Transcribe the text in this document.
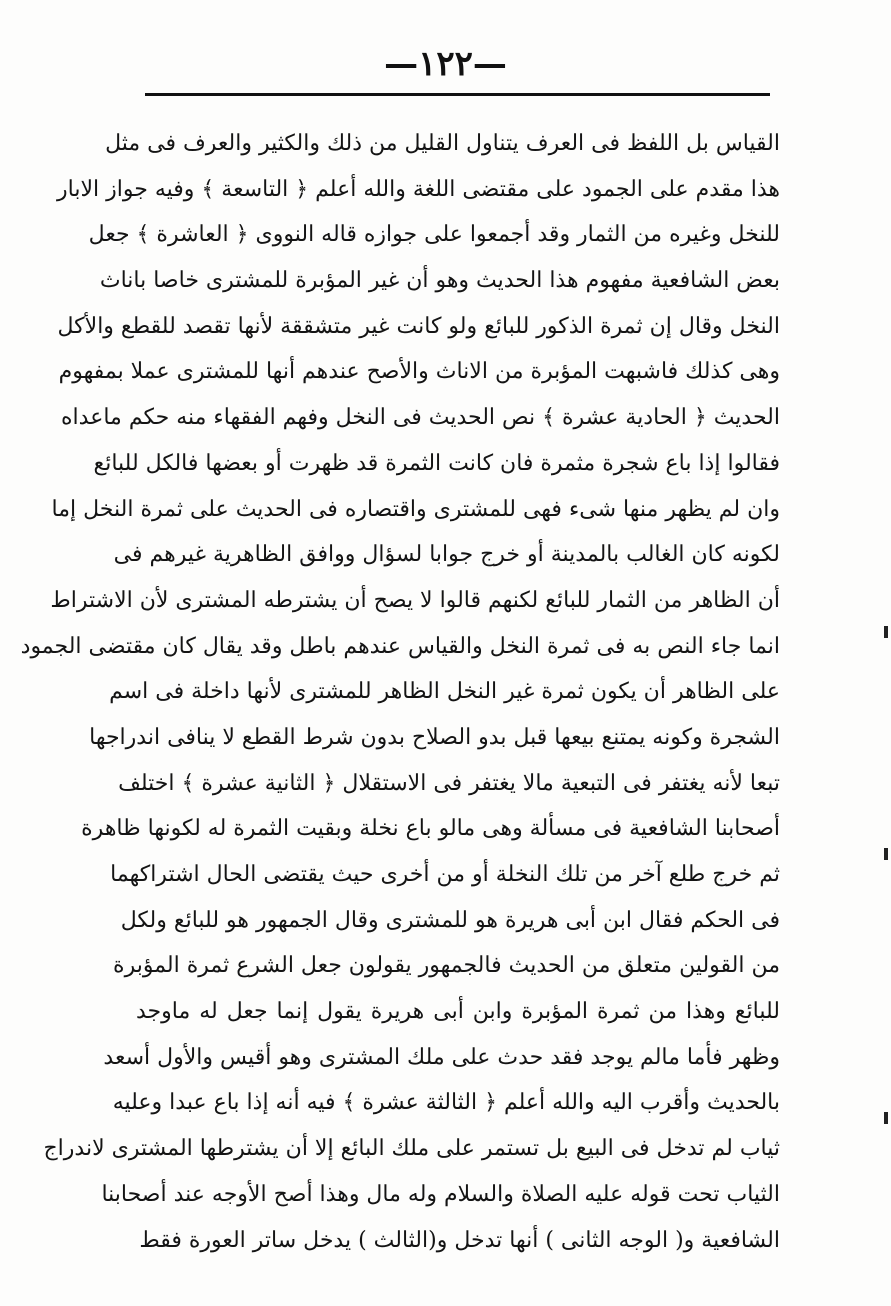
—١٢٢—
القياس بل اللفظ فى العرف يتناول القليل من ذلك والكثير والعرف فى مثل
هذا مقدم على الجمود على مقتضى اللغة والله أعلم ﴿ التاسعة ﴾ وفيه جواز الابار
للنخل وغيره من الثمار وقد أجمعوا على جوازه قاله النووى ﴿ العاشرة ﴾ جعل
بعض الشافعية مفهوم هذا الحديث وهو أن غير المؤبرة للمشترى خاصا باناث
النخل وقال إن ثمرة الذكور للبائع ولو كانت غير متشققة لأنها تقصد للقطع والأكل
وهى كذلك فاشبهت المؤبرة من الاناث والأصح عندهم أنها للمشترى عملا بمفهوم
الحديث ﴿ الحادية عشرة ﴾ نص الحديث فى النخل وفهم الفقهاء منه حكم ماعداه
فقالوا إذا باع شجرة مثمرة فان كانت الثمرة قد ظهرت أو بعضها فالكل للبائع
وان لم يظهر منها شىء فهى للمشترى واقتصاره فى الحديث على ثمرة النخل إما
لكونه كان الغالب بالمدينة أو خرج جوابا لسؤال ووافق الظاهرية غيرهم فى
أن الظاهر من الثمار للبائع لكنهم قالوا لا يصح أن يشترطه المشترى لأن الاشتراط
انما جاء النص به فى ثمرة النخل والقياس عندهم باطل وقد يقال كان مقتضى الجمود
على الظاهر أن يكون ثمرة غير النخل الظاهر للمشترى لأنها داخلة فى اسم
الشجرة وكونه يمتنع بيعها قبل بدو الصلاح بدون شرط القطع لا ينافى اندراجها
تبعا لأنه يغتفر فى التبعية مالا يغتفر فى الاستقلال ﴿ الثانية عشرة ﴾ اختلف
أصحابنا الشافعية فى مسألة وهى مالو باع نخلة وبقيت الثمرة له لكونها ظاهرة
ثم خرج طلع آخر من تلك النخلة أو من أخرى حيث يقتضى الحال اشتراكهما
فى الحكم فقال ابن أبى هريرة هو للمشترى وقال الجمهور هو للبائع ولكل
من القولين متعلق من الحديث فالجمهور يقولون جعل الشرع ثمرة المؤبرة
للبائع وهذا من ثمرة المؤبرة وابن أبى هريرة يقول إنما جعل له ماوجد
وظهر فأما مالم يوجد فقد حدث على ملك المشترى وهو أقيس والأول أسعد
بالحديث وأقرب اليه والله أعلم ﴿ الثالثة عشرة ﴾ فيه أنه إذا باع عبدا وعليه
ثياب لم تدخل فى البيع بل تستمر على ملك البائع إلا أن يشترطها المشترى لاندراج
الثياب تحت قوله عليه الصلاة والسلام وله مال وهذا أصح الأوجه عند أصحابنا
الشافعية و( الوجه الثانى ) أنها تدخل و(الثالث ) يدخل ساتر العورة فقط
